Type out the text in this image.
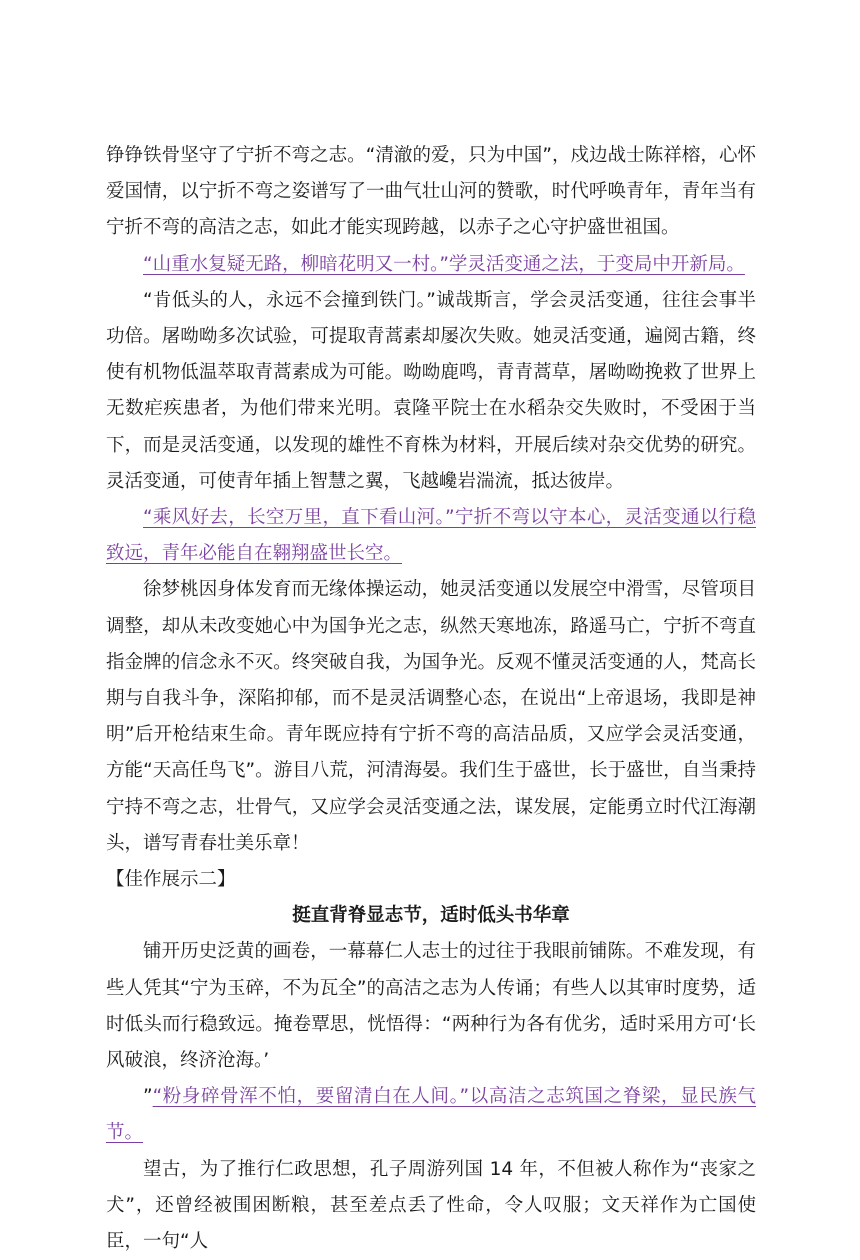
铮铮铁骨坚守了宁折不弯之志。“清澈的爱，只为中国”，戍边战士陈祥榕，心怀爱国情，以宁折不弯之姿谱写了一曲气壮山河的赞歌，时代呼唤青年，青年当有宁折不弯的高洁之志，如此才能实现跨越，以赤子之心守护盛世祖国。

“山重水复疑无路，柳暗花明又一村。”学灵活变通之法，于变局中开新局。

“肯低头的人，永远不会撞到铁门。”诚哉斯言，学会灵活变通，往往会事半功倍。屠呦呦多次试验，可提取青蒿素却屡次失败。她灵活变通，遍阅古籍，终使有机物低温萃取青蒿素成为可能。呦呦鹿鸣，青青蒿草，屠呦呦挽救了世界上无数疟疾患者，为他们带来光明。袁隆平院士在水稻杂交失败时，不受困于当下，而是灵活变通，以发现的雄性不育株为材料，开展后续对杂交优势的研究。灵活变通，可使青年插上智慧之翼，飞越巉岩湍流，抵达彼岸。

“乘风好去，长空万里，直下看山河。”宁折不弯以守本心，灵活变通以行稳致远，青年必能自在翱翔盛世长空。

徐梦桃因身体发育而无缘体操运动，她灵活变通以发展空中滑雪，尽管项目调整，却从未改变她心中为国争光之志，纵然天寒地冻，路遥马亡，宁折不弯直指金牌的信念永不灭。终突破自我，为国争光。反观不懂灵活变通的人，梵高长期与自我斗争，深陷抑郁，而不是灵活调整心态，在说出“上帝退场，我即是神明”后开枪结束生命。青年既应持有宁折不弯的高洁品质，又应学会灵活变通，方能“天高任鸟飞”。游目八荒，河清海晏。我们生于盛世，长于盛世，自当秉持宁持不弯之志，壮骨气，又应学会灵活变通之法，谋发展，定能勇立时代江海潮头，谱写青春壮美乐章！

【佳作展示二】

挺直背脊显志节，适时低头书华章

铺开历史泛黄的画卷，一幕幕仁人志士的过往于我眼前铺陈。不难发现，有些人凭其“宁为玉碎，不为瓦全”的高洁之志为人传诵；有些人以其审时度势，适时低头而行稳致远。掩卷覃思，恍悟得：“两种行为各有优劣，适时采用方可‘长风破浪，终济沧海。’

”“粉身碎骨浑不怕，要留清白在人间。”以高洁之志筑国之脊梁，显民族气节。

望古，为了推行仁政思想，孔子周游列国 14 年，不但被人称作为“丧家之犬”，还曾经被围困断粮，甚至差点丢了性命，令人叹服；文天祥作为亡国使臣，一句“人
